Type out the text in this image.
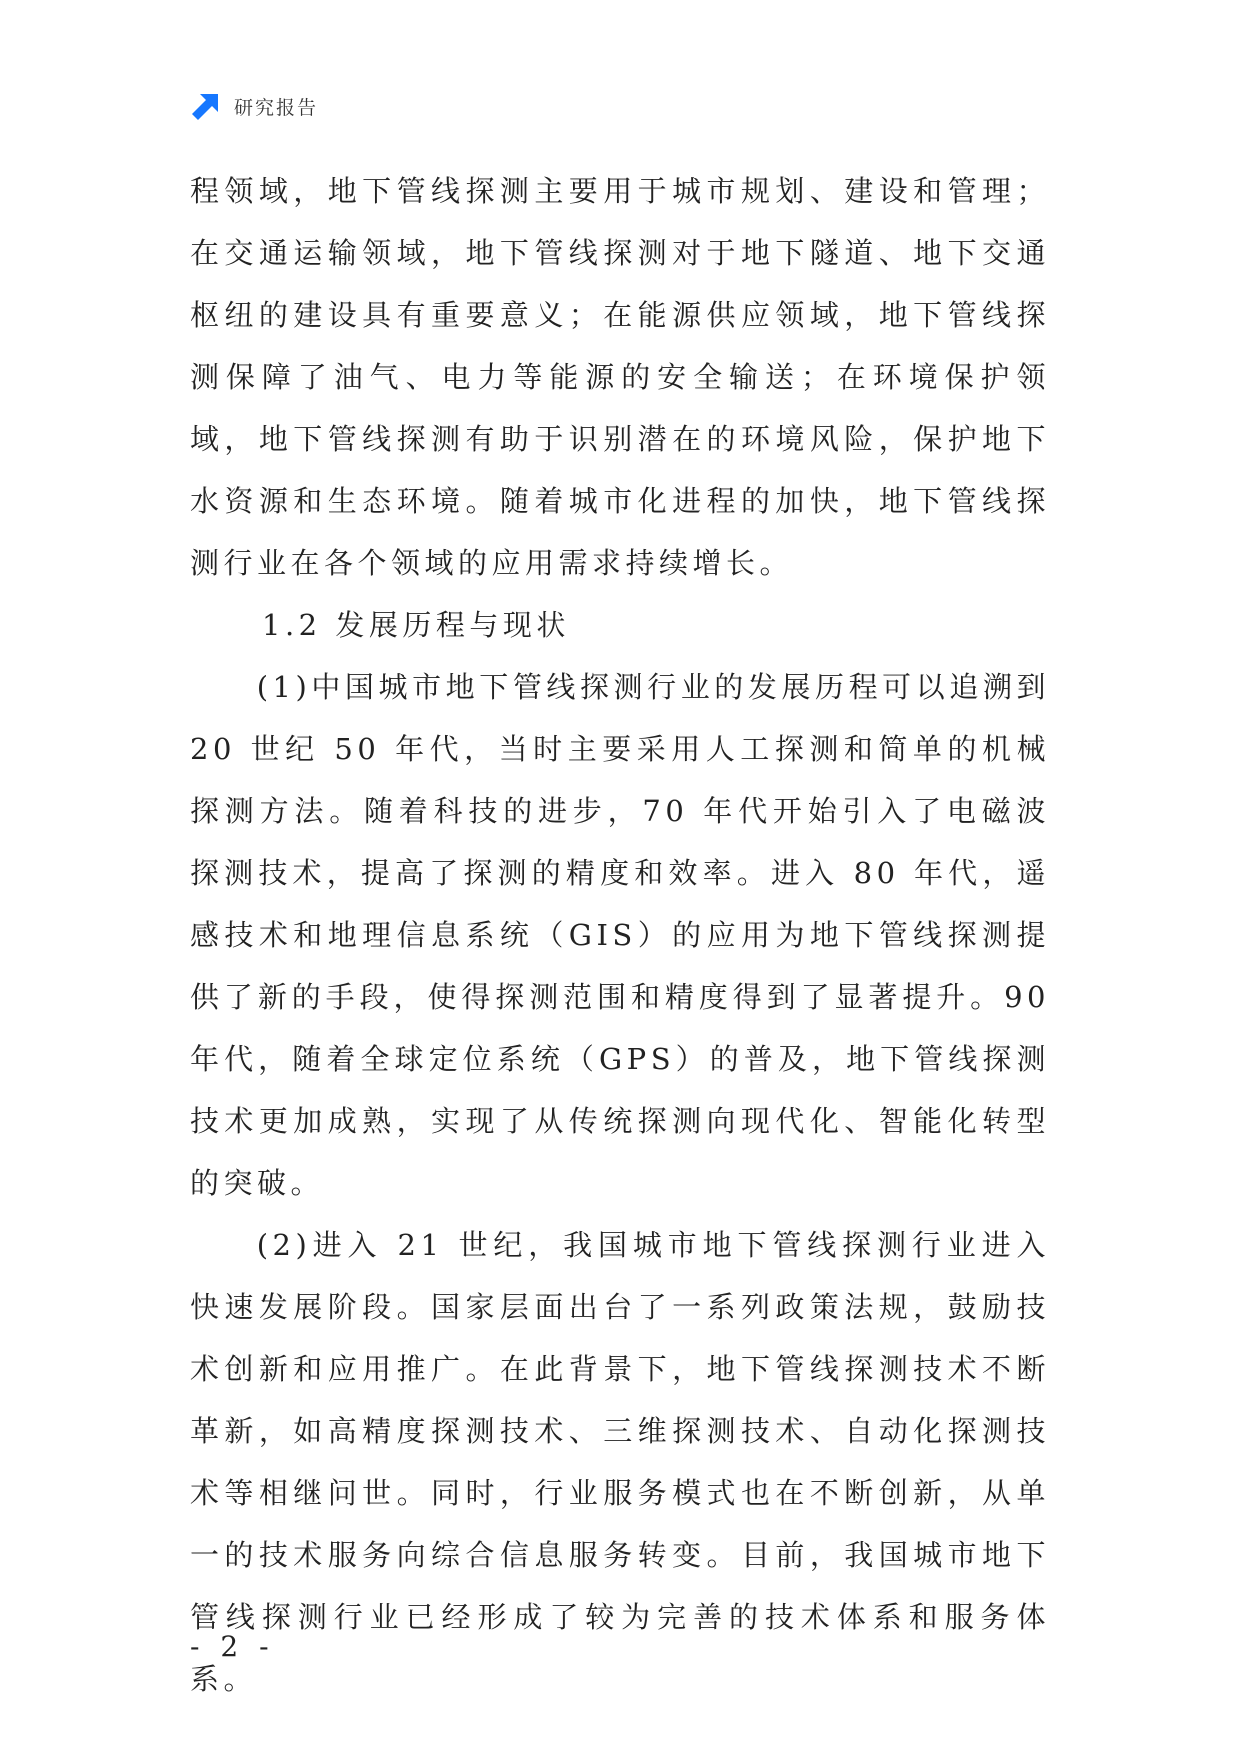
研究报告

程领域，地下管线探测主要用于城市规划、建设和管理；在交通运输领域，地下管线探测对于地下隧道、地下交通枢纽的建设具有重要意义；在能源供应领域，地下管线探测保障了油气、电力等能源的安全输送；在环境保护领域，地下管线探测有助于识别潜在的环境风险，保护地下水资源和生态环境。随着城市化进程的加快，地下管线探测行业在各个领域的应用需求持续增长。

1.2 发展历程与现状

(1)中国城市地下管线探测行业的发展历程可以追溯到20 世纪 50 年代，当时主要采用人工探测和简单的机械探测方法。随着科技的进步，70 年代开始引入了电磁波探测技术，提高了探测的精度和效率。进入 80 年代，遥感技术和地理信息系统（GIS）的应用为地下管线探测提供了新的手段，使得探测范围和精度得到了显著提升。90 年代，随着全球定位系统（GPS）的普及，地下管线探测技术更加成熟，实现了从传统探测向现代化、智能化转型的突破。

(2)进入 21 世纪，我国城市地下管线探测行业进入快速发展阶段。国家层面出台了一系列政策法规，鼓励技术创新和应用推广。在此背景下，地下管线探测技术不断革新，如高精度探测技术、三维探测技术、自动化探测技术等相继问世。同时，行业服务模式也在不断创新，从单一的技术服务向综合信息服务转变。目前，我国城市地下管线探测行业已经形成了较为完善的技术体系和服务体系。

- 2 -
